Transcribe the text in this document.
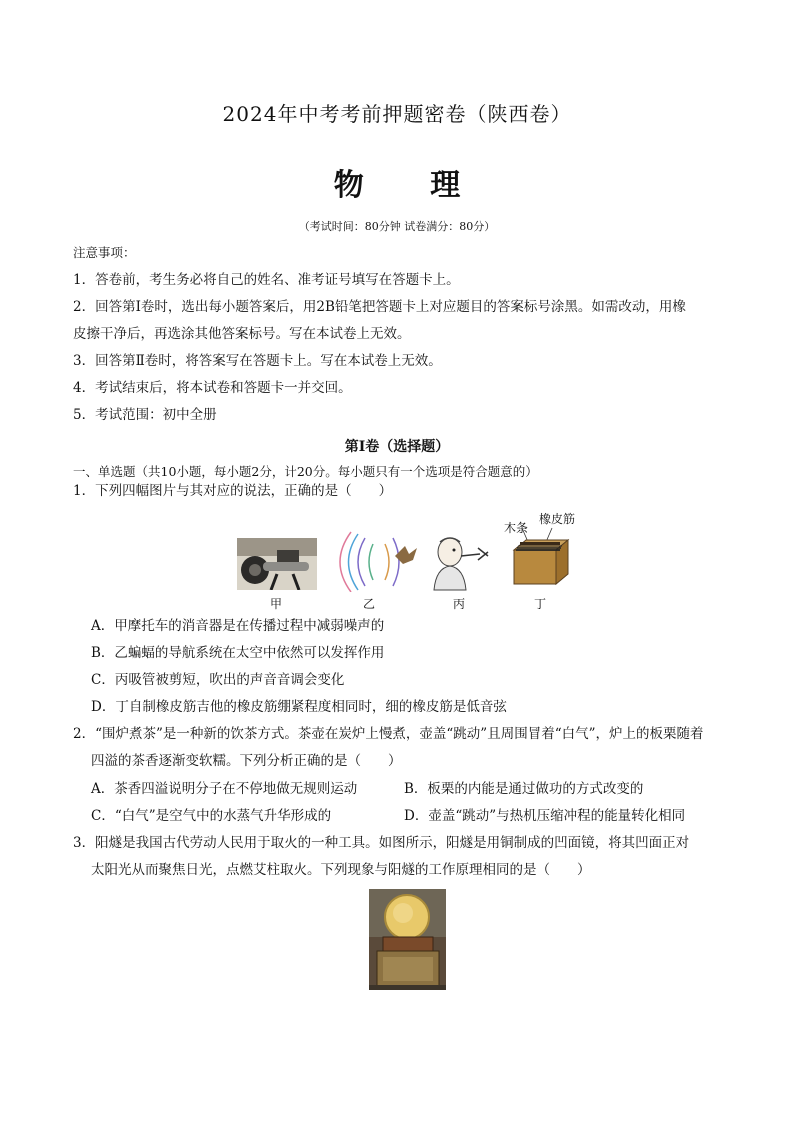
2024年中考考前押题密卷（陕西卷）
物 理
（考试时间：80分钟 试卷满分：80分）
注意事项：
1．答卷前，考生务必将自己的姓名、准考证号填写在答题卡上。
2．回答第Ⅰ卷时，选出每小题答案后，用2B铅笔把答题卡上对应题目的答案标号涂黑。如需改动，用橡
皮擦干净后，再选涂其他答案标号。写在本试卷上无效。
3．回答第Ⅱ卷时，将答案写在答题卡上。写在本试卷上无效。
4．考试结束后，将本试卷和答题卡一并交回。
5．考试范围：初中全册
第Ⅰ卷（选择题）
一、单选题（共10小题，每小题2分，计20分。每小题只有一个选项是符合题意的）
1．下列四幅图片与其对应的说法，正确的是（　　）
甲	乙	丙
木条
橡皮筋
丁
A．甲摩托车的消音器是在传播过程中减弱噪声的
B．乙蝙蝠的导航系统在太空中依然可以发挥作用
C．丙吸管被剪短，吹出的声音音调会变化
D．丁自制橡皮筋吉他的橡皮筋绷紧程度相同时，细的橡皮筋是低音弦
2．“围炉煮茶”是一种新的饮茶方式。茶壶在炭炉上慢煮，壶盖“跳动”且周围冒着“白气”，炉上的板栗随着
四溢的茶香逐渐变软糯。下列分析正确的是（　　）
A．茶香四溢说明分子在不停地做无规则运动	B．板栗的内能是通过做功的方式改变的
C．“白气”是空气中的水蒸气升华形成的	D．壶盖“跳动”与热机压缩冲程的能量转化相同
3．阳燧是我国古代劳动人民用于取火的一种工具。如图所示，阳燧是用铜制成的凹面镜，将其凹面正对
太阳光从而聚焦日光，点燃艾柱取火。下列现象与阳燧的工作原理相同的是（　　）
